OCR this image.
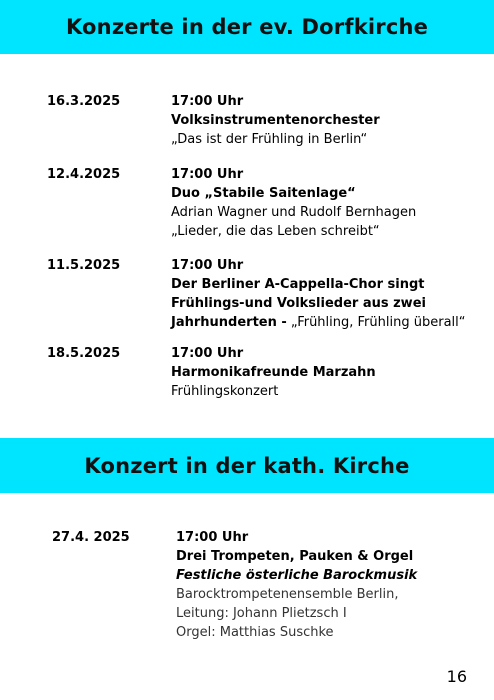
Konzerte in der ev. Dorfkirche
16.3.2025	17:00 Uhr
Volksinstrumentenorchester
„Das ist der Frühling in Berlin“
12.4.2025	17:00 Uhr
Duo „Stabile Saitenlage“
Adrian Wagner und Rudolf Bernhagen
„Lieder, die das Leben schreibt“
11.5.2025	17:00 Uhr
Der Berliner A-Cappella-Chor singt
Frühlings-und Volkslieder aus zwei
Jahrhunderten - „Frühling, Frühling überall“
18.5.2025	17:00 Uhr
Harmonikafreunde Marzahn
Frühlingskonzert
Konzert in der kath. Kirche
27.4. 2025	17:00 Uhr
Drei Trompeten, Pauken & Orgel
Festliche österliche Barockmusik
Barocktrompetenensemble Berlin,
Leitung: Johann Plietzsch I
Orgel: Matthias Suschke
16
